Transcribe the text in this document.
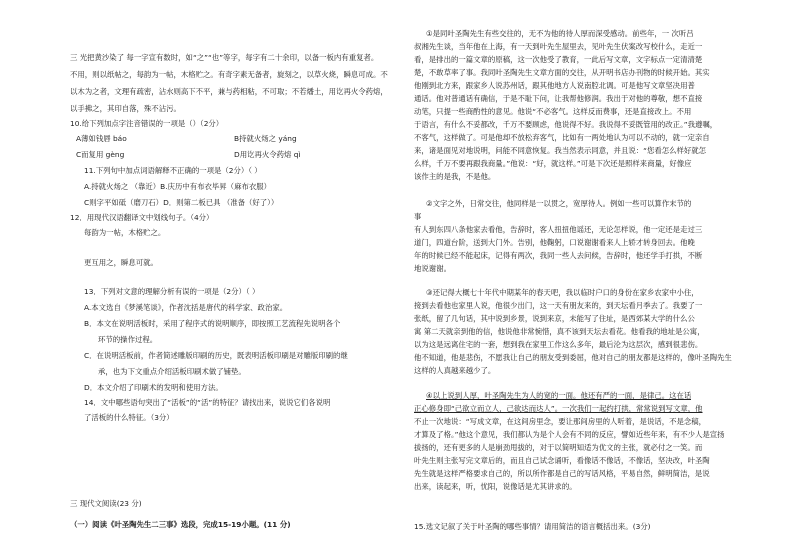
三 光把黄沙染了 每一字宣有数时，如“之”“也”等字，每字有二十余印，以备一板内有重复者。
不用，则以纸帖之，每韵为一帖，木格贮之。有奇字素无备者，旋刻之，以草火烧，瞬息可成。不
以木为之者，文理有疏密，沾水则高下不平，兼与药相粘，不可取；不若燔土，用讫再火令药熔，
以手拂之，其印自落，殊不沾污。
10.给下列加点字注音错误的一项是（）（2分）
A薄如钱唇 báo	B持就火炀之 yáng
C而复用 gèng	D用讫再火令药熔 qì
11.下列句中加点词语解释不正确的一项是（2分）（ ）
A.持就火炀之 （靠近）B.庆历中有布衣毕昇（麻布衣服）
C则字平如砥（磨刀石）D．则第二板已具 （准备（好了））
12．用现代汉语翻译文中划线句子。（4分）
每韵为一帖，木格贮之。
更互用之，瞬息可就。
13．下列对文意的理解分析有误的一项是（2分）（ ）
A.本文选自《梦溪笔谈》，作者沈括是唐代的科学家、政治家。
B．本文在说明活板时，采用了程序式的说明顺序，即按照工艺流程先说明各个
环节的操作过程。
C．在说明活板前，作者简述雕版印刷的历史，既表明活板印刷是对雕版印刷的继
承，也为下文重点介绍活板印刷术做了铺垫。
D．本文介绍了印刷术的发明和使用方法。
14．文中哪些语句突出了“活板”的“活”的特征？请找出来，说说它们各说明
了活板的什么特征。（3分）
三 现代文阅读(23 分)
（一）阅读《叶圣陶先生二三事》选段，完成15-19小题。(11 分)
①是同叶圣陶先生有些交往的，无不为他的待人厚而深受感动。前些年，一 次听吕
叔湘先生谈，当年他在上海，有一天到叶先生屋里去，见叶先生伏案改写校什么，走近一
看，是排出的一篇文章的原稿，这一次他受了教育，一此后写文章，文字标点一定清清楚
楚，不敢草率了事。我同叶圣陶先生文章方面的交往，从开明书店办刊物的时候开始。其实
他刚到北方来，跟家乡人说苏州话，跟其他地方人说南腔北调。可是他写文章坚决用普
通话。他对普通话有确信，于是不耻下问，让我帮他修润。我出于对他的尊敬，想不直接
动笔，只提一些商酌性的意见。他说“不必客气。这样反而费事，还是直接改上。不用
于语言，有什么不妥都改，千万不要顾虑，他说得不好。我说得不妥既管用的改正。”我遵嘱，
不客气，这样做了。可是他却不放松弃客气，比如有一两处地认为可以不动的，就一定亲自
来，诸是面见对地说明，问能不同意恢复。我当然表示同意，并且说：“您看怎么样好就怎
么样，千万不要再跟我商量。”他说：“好，就这样。”可是下次还是照样来商量，好像应
该作主的是我，不是他。
②文字之外，日常交往，他同样是一以贯之，宽厚待人。例如一些可以算作末节的
事
有人到东四八条他家去看他，告辞时，客人扭扭他谣还，无论怎样说，他一定还是走过三
道门，四道台阶，送到大门外。告别，他鞠躬，口说谢谢看来人上轿才转身回去。他晚
年的时候已经不能起床，记得有两次，我同一些人去问候，告辞时，他还学手打拱，不断
地说谢谢。
③还记得大概七十年代中期某年的春天吧，我以临时户口的身份在家乡农家中小住，
接到去看他也家里人说，他很少出门，这一天有朋友来的，到天坛看月季去了。我要了一
张纸，留了几句话，其中说到乡景，说到来京，未能写了住址，是西郊某大学的什么公
寓 第二天就亲到他的信，他说他非常惋惜，真不该到天坛去看花。他看我的地址是公寓，
以为这是远离住宅的一套，想到我在家里工作这么多年，最后沦为这层次，感到很悲伤。
他不知道，他是悲伤，不愿我让自己的朋友受到委屈，他对自己的朋友都是这样的，像叶圣陶先生
这样的人真越来越少了。
④以上说到人厚，叶圣陶先生为人的宽的一面。他还有严的一面，是律己。这在话
正心修身即“己欲立而立人，己欲达而达人”。一次我们一起约打拱，常常说到写文章，他
不止一次地说：“写成文章，在这间房里念，要让那间房里的人听着，是说话，不是念稿，
才算及了格。”他这个意见，我们都认为是个人会有不同的反应，譬如近些年来，有不少人是宣扬
拔扬的，还有更多的人是崩劲甩拔的，对于以简明知适为优文的主张，就必付之一笑。而
叶先生则主张写完文章后的，而且自己试念诵听，看像话不像话，不像话，坚决改，叶圣陶
先生就是这样严格要求自己的，所以所作都是自己的写话风格，平易自然，鲜明简洁，是说
出来，读起来，听，忧阳，说像话是尤其讲求的。
15.选文记叙了关于叶圣陶的哪些事情？请用简洁的语言概括出来。(3分)
